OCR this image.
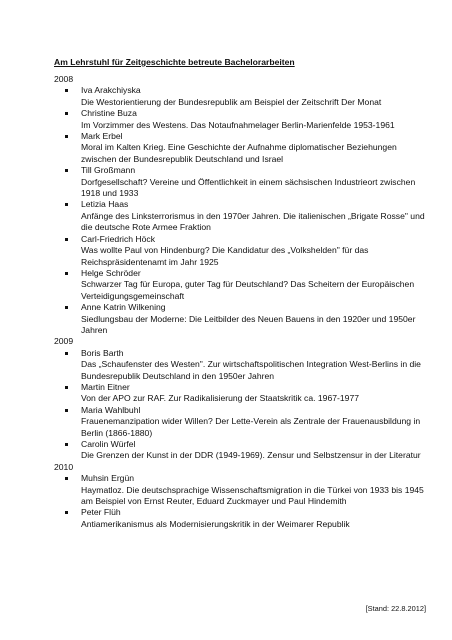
Am Lehrstuhl für Zeitgeschichte betreute Bachelorarbeiten
2008
Iva Arakchiyska
Die Westorientierung der Bundesrepublik am Beispiel der Zeitschrift Der Monat
Christine Buza
Im Vorzimmer des Westens. Das Notaufnahmelager Berlin-Marienfelde 1953-1961
Mark Erbel
Moral im Kalten Krieg. Eine Geschichte der Aufnahme diplomatischer Beziehungen zwischen der Bundesrepublik Deutschland und Israel
Till Großmann
Dorfgesellschaft? Vereine und Öffentlichkeit in einem sächsischen Industrieort zwischen 1918 und 1933
Letizia Haas
Anfänge des Linksterrorismus in den 1970er Jahren. Die italienischen „Brigate Rosse" und die deutsche Rote Armee Fraktion
Carl-Friedrich Höck
Was wollte Paul von Hindenburg? Die Kandidatur des „Volkshelden" für das Reichspräsidentenamt im Jahr 1925
Helge Schröder
Schwarzer Tag für Europa, guter Tag für Deutschland? Das Scheitern der Europäischen Verteidigungsgemeinschaft
Anne Katrin Wilkening
Siedlungsbau der Moderne: Die Leitbilder des Neuen Bauens in den 1920er und 1950er Jahren
2009
Boris Barth
Das „Schaufenster des Westen". Zur wirtschaftspolitischen Integration West-Berlins in die Bundesrepublik Deutschland in den 1950er Jahren
Martin Eitner
Von der APO zur RAF. Zur Radikalisierung der Staatskritik ca. 1967-1977
Maria Wahlbuhl
Frauenemanzipation wider Willen? Der Lette-Verein als Zentrale der Frauenausbildung in Berlin (1866-1880)
Carolin Würfel
Die Grenzen der Kunst in der DDR (1949-1969). Zensur und Selbstzensur in der Literatur
2010
Muhsin Ergün
Haymatloz. Die deutschsprachige Wissenschaftsmigration in die Türkei von 1933 bis 1945 am Beispiel von Ernst Reuter, Eduard Zuckmayer und Paul Hindemith
Peter Flüh
Antiamerikanismus als Modernisierungskritik in der Weimarer Republik
[Stand: 22.8.2012]
